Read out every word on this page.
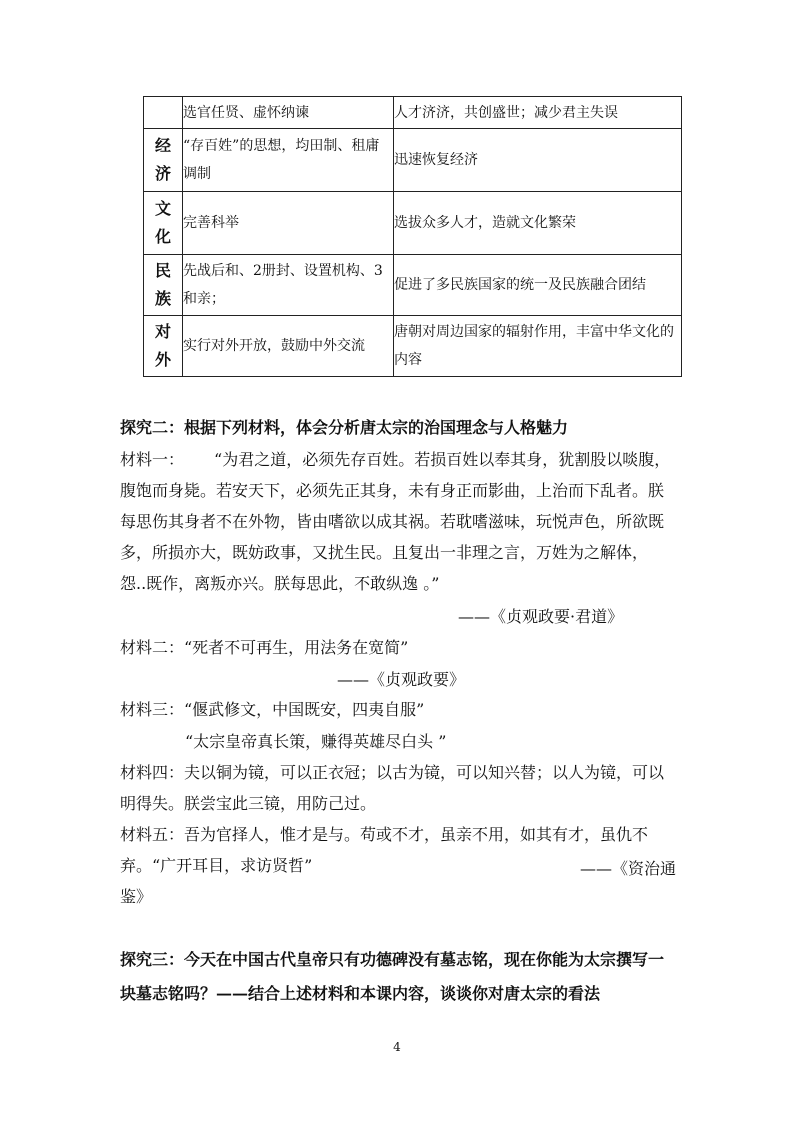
	选官任贤、虚怀纳谏	人才济济，共创盛世；减少君主失误

经
济	“存百姓”的思想，均田制、租庸调制	迅速恢复经济

文
化	完善科举	选拔众多人才，造就文化繁荣

民
族	先战后和、2册封、设置机构、3和亲；	促进了多民族国家的统一及民族融合团结

对
外	实行对外开放，鼓励中外交流	唐朝对周边国家的辐射作用，丰富中华文化的内容
探究二：根据下列材料，体会分析唐太宗的治国理念与人格魅力
材料一： “为君之道，必须先存百姓。若损百姓以奉其身，犹割股以啖腹，
腹饱而身毙。若安天下，必须先正其身，未有身正而影曲，上治而下乱者。朕
每思伤其身者不在外物，皆由嗜欲以成其祸。若耽嗜滋味，玩悦声色，所欲既
多，所损亦大，既妨政事，又扰生民。且复出一非理之言，万姓为之解体，
怨..既作，离叛亦兴。朕每思此，不敢纵逸 。”
——《贞观政要·君道》
材料二：“死者不可再生，用法务在宽简”
——《贞观政要》
材料三：“偃武修文，中国既安，四夷自服”
“太宗皇帝真长策，赚得英雄尽白头 ”
材料四：夫以铜为镜，可以正衣冠；以古为镜，可以知兴替；以人为镜，可以
明得失。朕尝宝此三镜，用防己过。
材料五：吾为官择人，惟才是与。苟或不才，虽亲不用，如其有才，虽仇不
弃。“广开耳目，求访贤哲”	——《资治通
鉴》
探究三：今天在中国古代皇帝只有功德碑没有墓志铭，现在你能为太宗撰写一
块墓志铭吗？——结合上述材料和本课内容，谈谈你对唐太宗的看法
4
